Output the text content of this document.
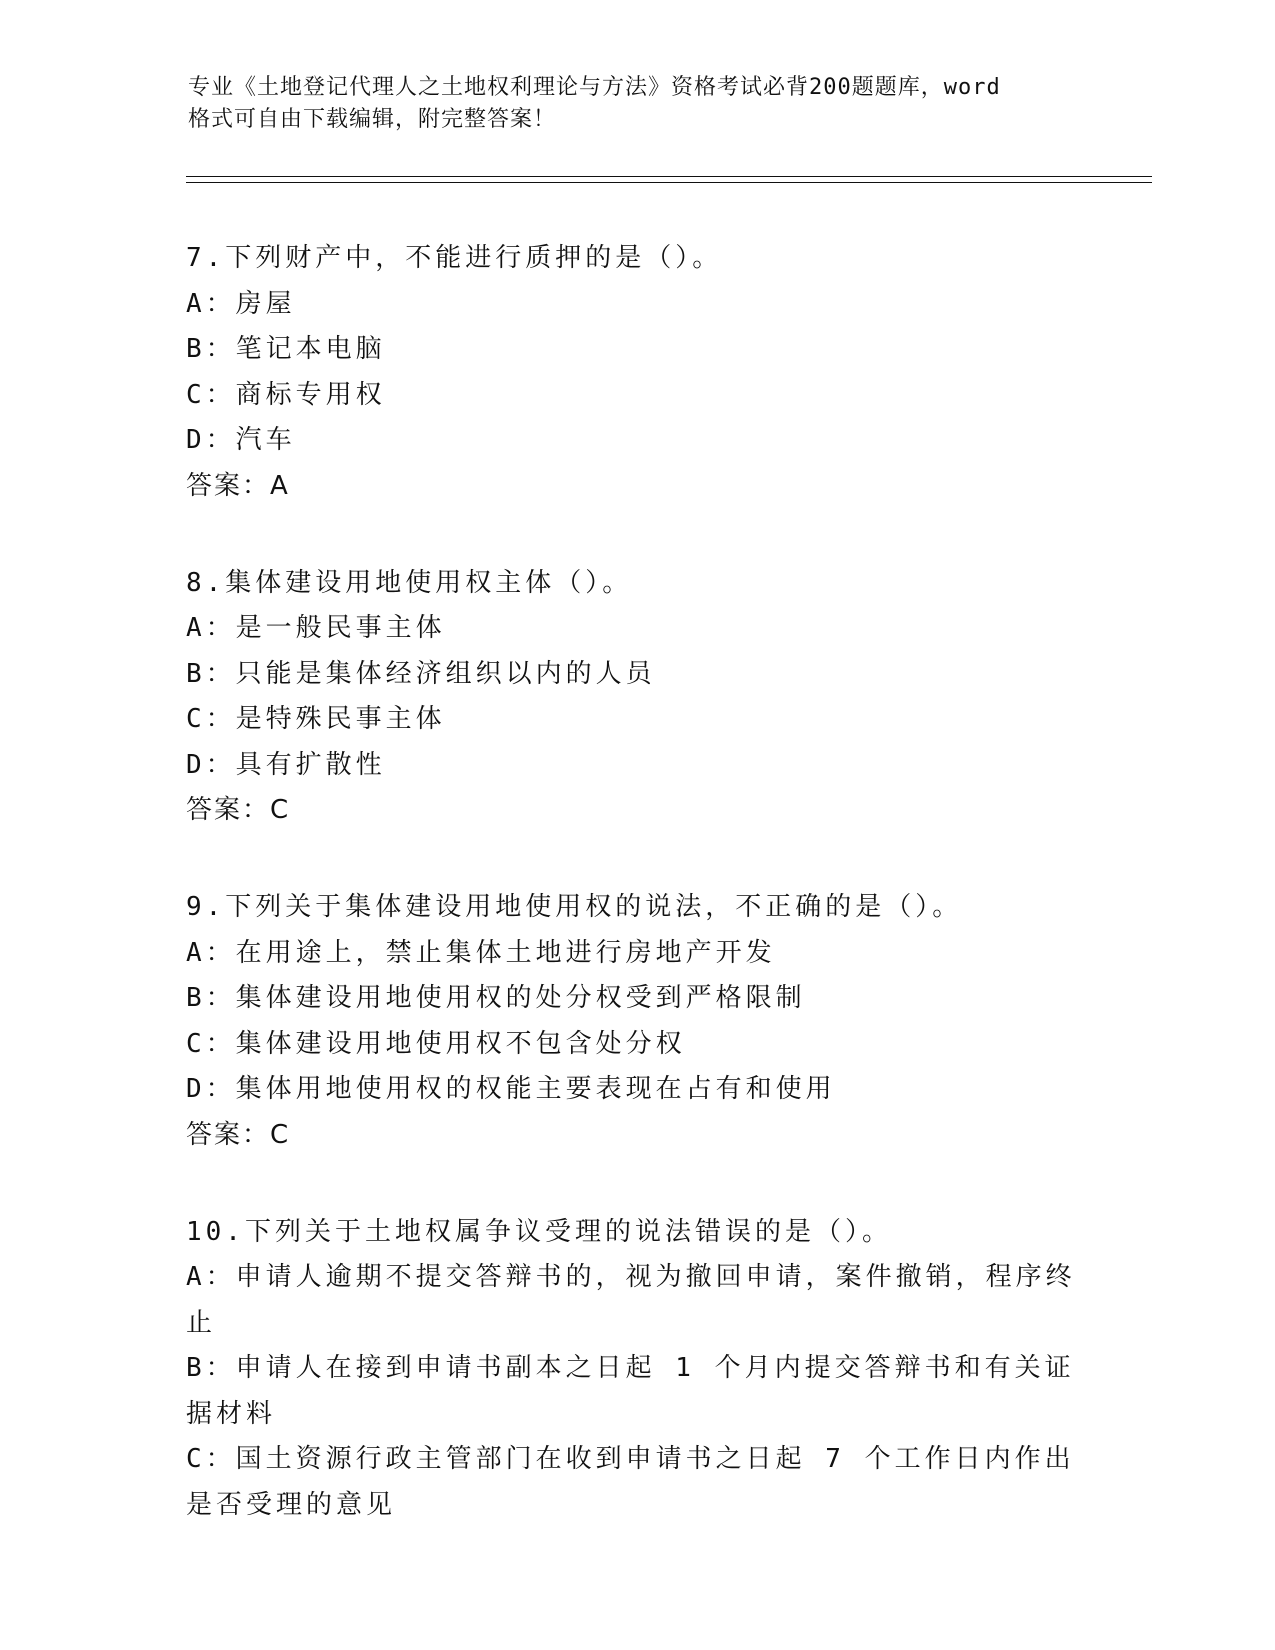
专业《土地登记代理人之土地权利理论与方法》资格考试必背200题题库，word
格式可自由下载编辑，附完整答案！
7.下列财产中，不能进行质押的是（）。
A：房屋
B：笔记本电脑
C：商标专用权
D：汽车
答案：A
8.集体建设用地使用权主体（）。
A：是一般民事主体
B：只能是集体经济组织以内的人员
C：是特殊民事主体
D：具有扩散性
答案：C
9.下列关于集体建设用地使用权的说法，不正确的是（）。
A：在用途上，禁止集体土地进行房地产开发
B：集体建设用地使用权的处分权受到严格限制
C：集体建设用地使用权不包含处分权
D：集体用地使用权的权能主要表现在占有和使用
答案：C
10.下列关于土地权属争议受理的说法错误的是（）。
A：申请人逾期不提交答辩书的，视为撤回申请，案件撤销，程序终止
B：申请人在接到申请书副本之日起 1 个月内提交答辩书和有关证据材料
C：国土资源行政主管部门在收到申请书之日起 7 个工作日内作出是否受理的意见
